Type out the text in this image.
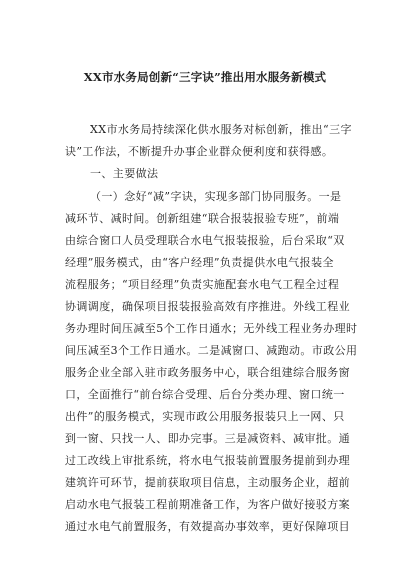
XX市水务局创新“三字诀”推出用水服务新模式
XX市水务局持续深化供水服务对标创新，推出“三字
诀”工作法，不断提升办事企业群众便利度和获得感。
一、主要做法
（一）念好“减”字诀，实现多部门协同服务。一是
减环节、减时间。创新组建“联合报装报验专班”，前端
由综合窗口人员受理联合水电气报装报验，后台采取“双
经理”服务模式，由“客户经理”负责提供水电气报装全
流程服务；“项目经理”负责实施配套水电气工程全过程
协调调度，确保项目报装报验高效有序推进。外线工程业
务办理时间压减至5个工作日通水；无外线工程业务办理时
间压减至3个工作日通水。二是减窗口、减跑动。市政公用
服务企业全部入驻市政务服务中心，联合组建综合服务窗
口，全面推行“前台综合受理、后台分类办理、窗口统一
出件”的服务模式，实现市政公用服务报装只上一网、只
到一窗、只找一人、即办完事。三是减资料、减审批。通
过工改线上审批系统，将水电气报装前置服务提前到办理
建筑许可环节，提前获取项目信息，主动服务企业，超前
启动水电气报装工程前期准备工作，为客户做好接驳方案
通过水电气前置服务，有效提高办事效率，更好保障项目
